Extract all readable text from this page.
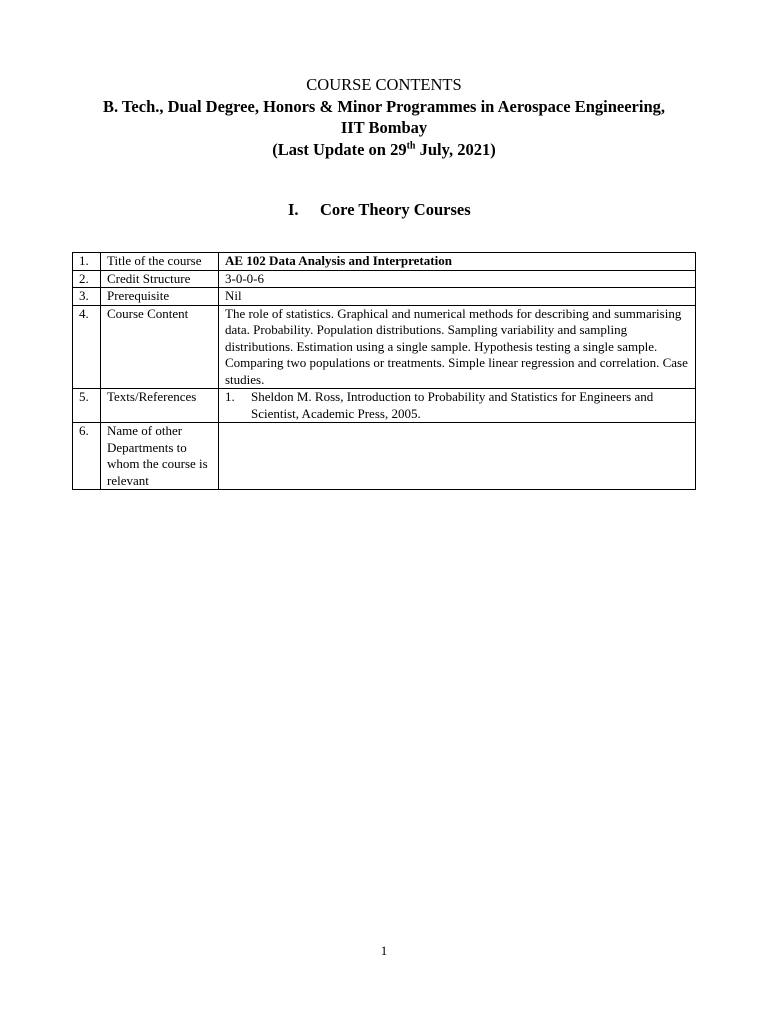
COURSE CONTENTS
B. Tech., Dual Degree, Honors & Minor Programmes in Aerospace Engineering,
IIT Bombay
(Last Update on 29th July, 2021)
I. Core Theory Courses
1.	Title of the course	AE 102 Data Analysis and Interpretation
2.	Credit Structure	3-0-0-6
3.	Prerequisite	Nil
4.	Course Content	The role of statistics. Graphical and numerical methods for describing and summarising data. Probability. Population distributions. Sampling variability and sampling distributions. Estimation using a single sample. Hypothesis testing a single sample. Comparing two populations or treatments. Simple linear regression and correlation. Case studies.
5.	Texts/References	1. Sheldon M. Ross, Introduction to Probability and Statistics for Engineers and Scientist, Academic Press, 2005.

6.	Name of other Departments to whom the course is relevant	
1
